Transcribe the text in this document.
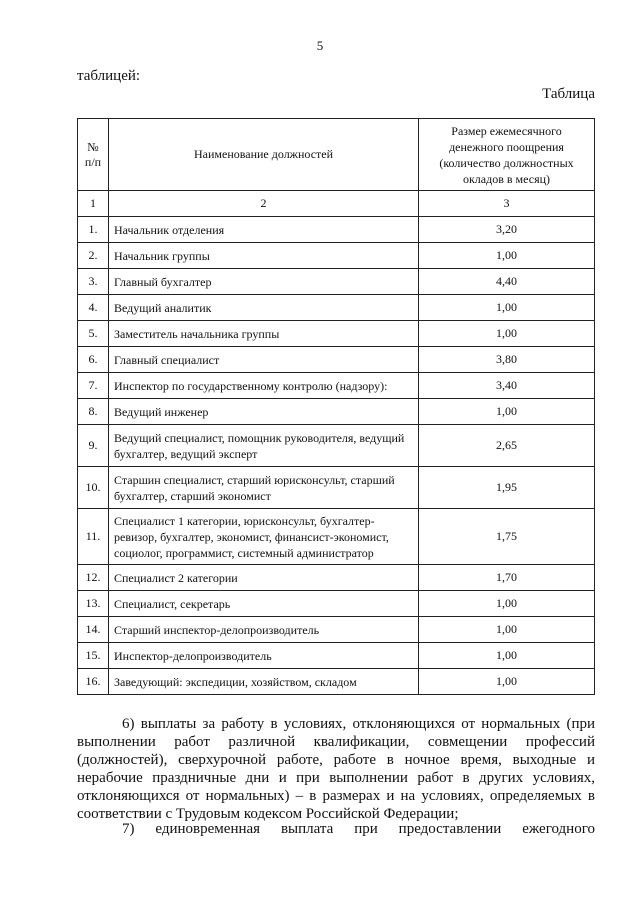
5
таблицей:
Таблица
№ п/п	Наименование должностей	Размер ежемесячного денежного поощрения (количество должностных окладов в месяц)
1	2	3
1.	Начальник отделения	3,20
2.	Начальник группы	1,00
3.	Главный бухгалтер	4,40
4.	Ведущий аналитик	1,00
5.	Заместитель начальника группы	1,00
6.	Главный специалист	3,80
7.	Инспектор по государственному контролю (надзору):	3,40
8.	Ведущий инженер	1,00
9.	Ведущий специалист, помощник руководителя, ведущий бухгалтер, ведущий эксперт	2,65
10.	Старшин специалист, старший юрисконсульт, старший бухгалтер, старший экономист	1,95
11.	Специалист 1 категории, юрисконсульт, бухгалтер-ревизор, бухгалтер, экономист, финансист-экономист, социолог, программист, системный администратор	1,75
12.	Специалист 2 категории	1,70
13.	Специалист, секретарь	1,00
14.	Старший инспектор-делопроизводитель	1,00
15.	Инспектор-делопроизводитель	1,00
16.	Заведующий: экспедиции, хозяйством, складом	1,00
6) выплаты за работу в условиях, отклоняющихся от нормальных (при выполнении работ различной квалификации, совмещении профессий (должностей), сверхурочной работе, работе в ночное время, выходные и нерабочие праздничные дни и при выполнении работ в других условиях, отклоняющихся от нормальных) – в размерах и на условиях, определяемых в соответствии с Трудовым кодексом Российской Федерации;
7) единовременная выплата при предоставлении ежегодного
